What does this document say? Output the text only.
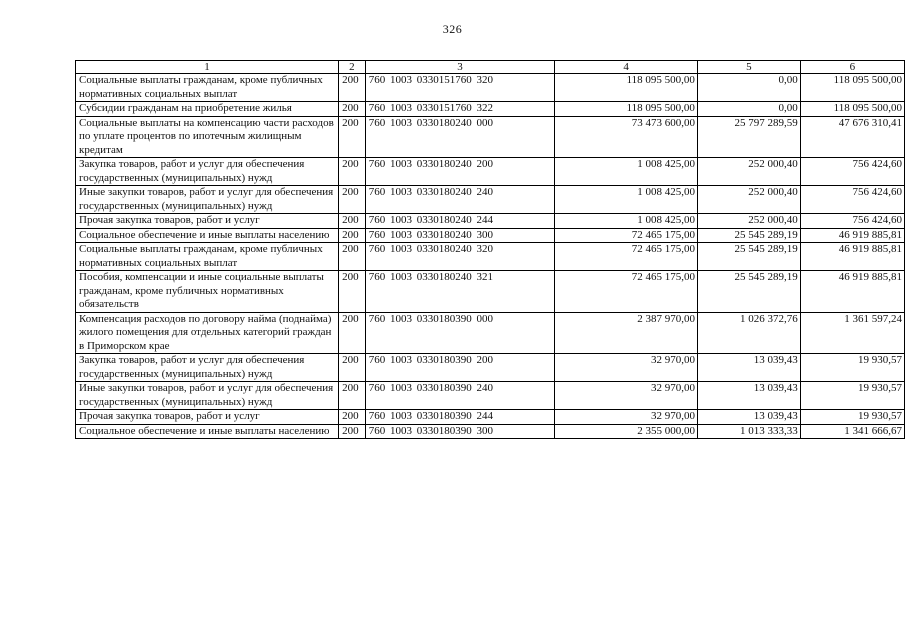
326
1	2	3	4	5	6
Социальные выплаты гражданам, кроме публичных нормативных социальных выплат	200	760 1003 0330151760 320	118 095 500,00	0,00	118 095 500,00
Субсидии гражданам на приобретение жилья	200	760 1003 0330151760 322	118 095 500,00	0,00	118 095 500,00
Социальные выплаты на компенсацию части расходов по уплате процентов по ипотечным жилищным кредитам	200	760 1003 0330180240 000	73 473 600,00	25 797 289,59	47 676 310,41
Закупка товаров, работ и услуг для обеспечения государственных (муниципальных) нужд	200	760 1003 0330180240 200	1 008 425,00	252 000,40	756 424,60
Иные закупки товаров, работ и услуг для обеспечения государственных (муниципальных) нужд	200	760 1003 0330180240 240	1 008 425,00	252 000,40	756 424,60
Прочая закупка товаров, работ и услуг	200	760 1003 0330180240 244	1 008 425,00	252 000,40	756 424,60
Социальное обеспечение и иные выплаты населению	200	760 1003 0330180240 300	72 465 175,00	25 545 289,19	46 919 885,81
Социальные выплаты гражданам, кроме публичных нормативных социальных выплат	200	760 1003 0330180240 320	72 465 175,00	25 545 289,19	46 919 885,81
Пособия, компенсации и иные социальные выплаты гражданам, кроме публичных нормативных обязательств	200	760 1003 0330180240 321	72 465 175,00	25 545 289,19	46 919 885,81
Компенсация расходов по договору найма (поднайма) жилого помещения для отдельных категорий граждан в Приморском крае	200	760 1003 0330180390 000	2 387 970,00	1 026 372,76	1 361 597,24
Закупка товаров, работ и услуг для обеспечения государственных (муниципальных) нужд	200	760 1003 0330180390 200	32 970,00	13 039,43	19 930,57
Иные закупки товаров, работ и услуг для обеспечения государственных (муниципальных) нужд	200	760 1003 0330180390 240	32 970,00	13 039,43	19 930,57
Прочая закупка товаров, работ и услуг	200	760 1003 0330180390 244	32 970,00	13 039,43	19 930,57
Социальное обеспечение и иные выплаты населению	200	760 1003 0330180390 300	2 355 000,00	1 013 333,33	1 341 666,67
